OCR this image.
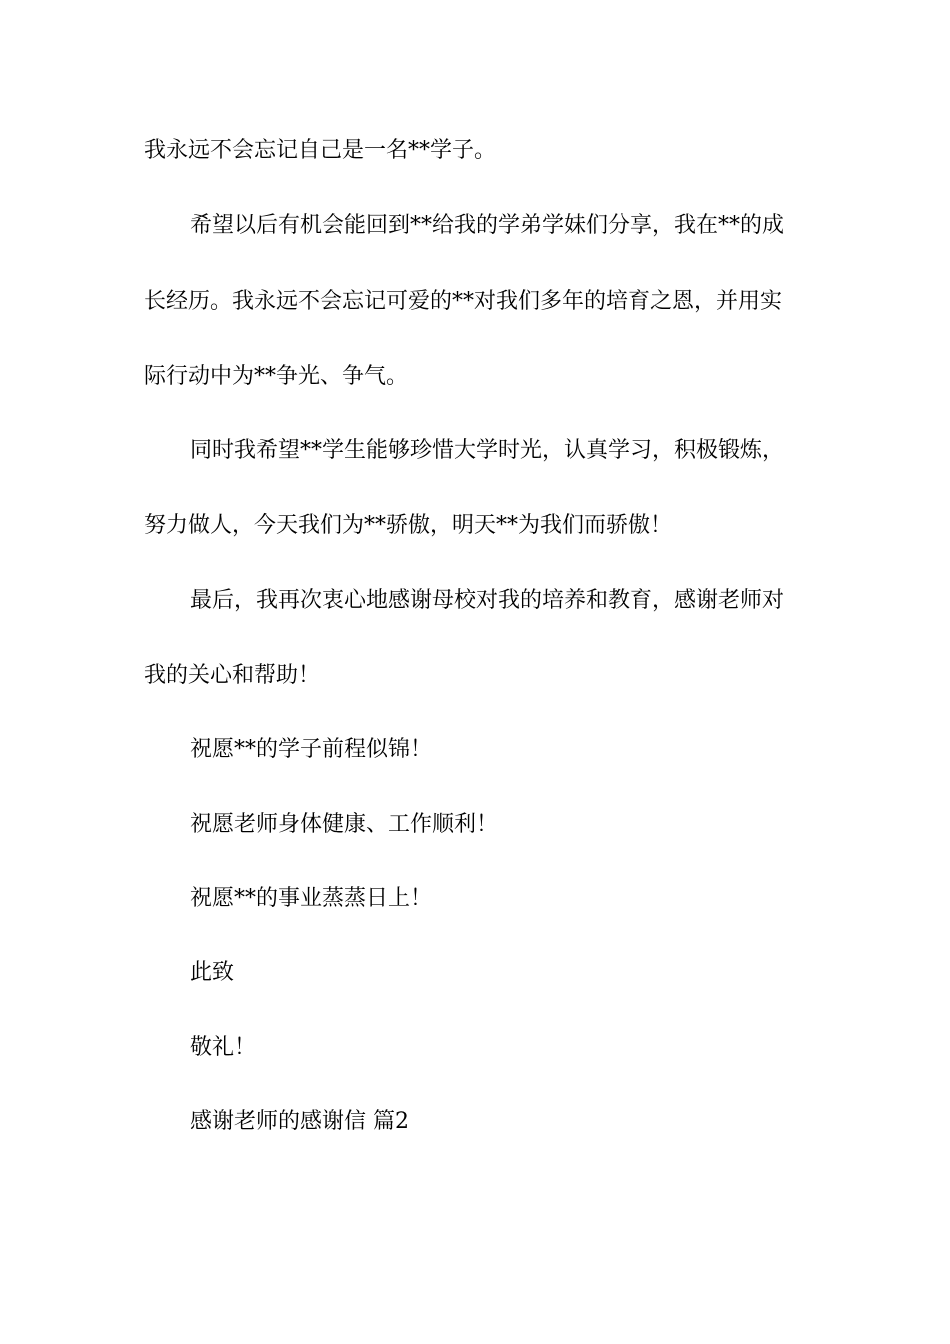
我永远不会忘记自己是一名**学子。
希望以后有机会能回到**给我的学弟学妹们分享，我在**的成
长经历。我永远不会忘记可爱的**对我们多年的培育之恩，并用实
际行动中为**争光、争气。
同时我希望**学生能够珍惜大学时光，认真学习，积极锻炼，
努力做人，今天我们为**骄傲，明天**为我们而骄傲！
最后，我再次衷心地感谢母校对我的培养和教育，感谢老师对
我的关心和帮助！
祝愿**的学子前程似锦！
祝愿老师身体健康、工作顺利！
祝愿**的事业蒸蒸日上！
此致
敬礼！
感谢老师的感谢信 篇2
